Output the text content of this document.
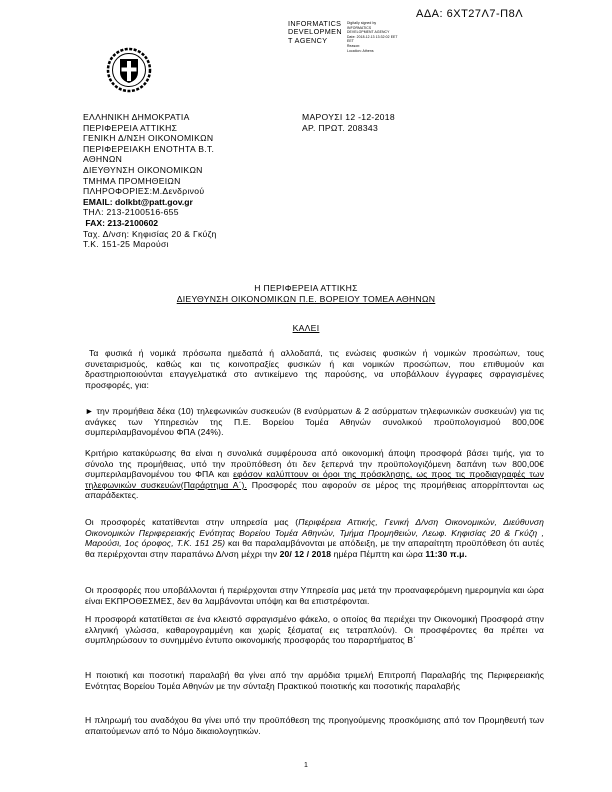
ΑΔΑ: 6ΧΤ27Λ7-Π8Λ
INFORMATICS
DEVELOPMEN
T AGENCY
Digitally signed by
INFORMATICS
DEVELOPMENT AGENCY
Date: 2018.12.13 13:32:02 EET
EET
Reason:
Location: Athens
ΕΛΛΗΝΙΚΗ ΔΗΜΟΚΡΑΤΙΑ
ΠΕΡΙΦΕΡΕΙΑ ΑΤΤΙΚΗΣ
ΓΕΝΙΚΗ Δ/ΝΣΗ ΟΙΚΟΝΟΜΙΚΩΝ
ΠΕΡΙΦΕΡΕΙΑΚΗ ΕΝΟΤΗΤΑ Β.Τ.
ΑΘΗΝΩΝ
ΔΙΕΥΘΥΝΣΗ ΟΙΚΟΝΟΜΙΚΩΝ
ΤΜΗΜΑ ΠΡΟΜΗΘΕΙΩΝ
ΠΛΗΡΟΦΟΡΙΕΣ:Μ.Δενδρινού
EMAIL: dolkbt@patt.gov.gr
ΤΗΛ: 213-2100516-655
FAX: 213-2100602
Ταχ. Δ/νση: Κηφισίας 20 & Γκύζη
Τ.Κ. 151-25 Μαρούσι
ΜΑΡΟΥΣΙ 12 -12-2018
ΑΡ. ΠΡΩΤ. 208343
Η ΠΕΡΙΦΕΡΕΙΑ ΑΤΤΙΚΗΣ
ΔΙΕΥΘΥΝΣΗ ΟΙΚΟΝΟΜΙΚΩΝ Π.Ε. ΒΟΡΕΙΟΥ ΤΟΜΕΑ ΑΘΗΝΩΝ
ΚΑΛΕΙ
Τα φυσικά ή νομικά πρόσωπα ημεδαπά ή αλλοδαπά, τις ενώσεις φυσικών ή νομικών προσώπων, τους συνεταιρισμούς, καθώς και τις κοινοπραξίες φυσικών ή και νομικών προσώπων, που επιθυμούν και δραστηριοποιούνται επαγγελματικά στο αντικείμενο της παρούσης, να υποβάλλουν έγγραφες σφραγισμένες προσφορές, για:
► την προμήθεια δέκα (10) τηλεφωνικών συσκευών (8 ενσύρματων & 2 ασύρματων τηλεφωνικών συσκευών) για τις ανάγκες των Υπηρεσιών της Π.Ε. Βορείου Τομέα Αθηνών συνολικού προϋπολογισμού 800,00€ συμπεριλαμβανομένου ΦΠΑ (24%).
Κριτήριο κατακύρωσης θα είναι η συνολικά συμφέρουσα από οικονομική άποψη προσφορά βάσει τιμής, για το σύνολο της προμήθειας, υπό την προϋπόθεση ότι δεν ξεπερνά την προϋπολογιζόμενη δαπάνη των 800,00€ συμπεριλαμβανομένου του ΦΠΑ και εφόσον καλύπτουν οι όροι της πρόσκλησης, ως προς τις προδιαγραφές των τηλεφωνικών συσκευών(Παράρτημα Α΄). Προσφορές που αφορούν σε μέρος της προμήθειας απορρίπτονται ως απαράδεκτες.
Οι προσφορές κατατίθενται στην υπηρεσία μας (Περιφέρεια Αττικής, Γενική Δ/νση Οικονομικών, Διεύθυνση Οικονομικών Περιφερειακής Ενότητας Βορείου Τομέα Αθηνών, Τμήμα Προμηθειών, Λεωφ. Κηφισίας 20 & Γκύζη , Μαρούσι, 1ος όροφος, Τ.Κ. 151 25) και θα παραλαμβάνονται με απόδειξη, με την απαραίτητη προϋπόθεση ότι αυτές θα περιέρχονται στην παραπάνω Δ/νση μέχρι την 20/ 12 / 2018 ημέρα Πέμπτη και ώρα 11:30 π.μ.
Οι προσφορές που υποβάλλονται ή περιέρχονται στην Υπηρεσία μας μετά την προαναφερόμενη ημερομηνία και ώρα είναι ΕΚΠΡΟΘΕΣΜΕΣ, δεν θα λαμβάνονται υπόψη και θα επιστρέφονται.
Η προσφορά κατατίθεται σε ένα κλειστό σφραγισμένο φάκελο, ο οποίος θα περιέχει την Οικονομική Προσφορά στην ελληνική γλώσσα, καθαρογραμμένη και χωρίς ξέσματα( εις τετραπλούν). Οι προσφέροντες θα πρέπει να συμπληρώσουν το συνημμένο έντυπο οικονομικής προσφοράς του παραρτήματος Β΄
Η ποιοτική και ποσοτική παραλαβή θα γίνει από την αρμόδια τριμελή Επιτροπή Παραλαβής της Περιφερειακής Ενότητας Βορείου Τομέα Αθηνών με την σύνταξη Πρακτικού ποιοτικής και ποσοτικής παραλαβής
Η πληρωμή του αναδόχου θα γίνει υπό την προϋπόθεση της προηγούμενης προσκόμισης από τον Προμηθευτή των απαιτούμενων από το Νόμο δικαιολογητικών.
1
